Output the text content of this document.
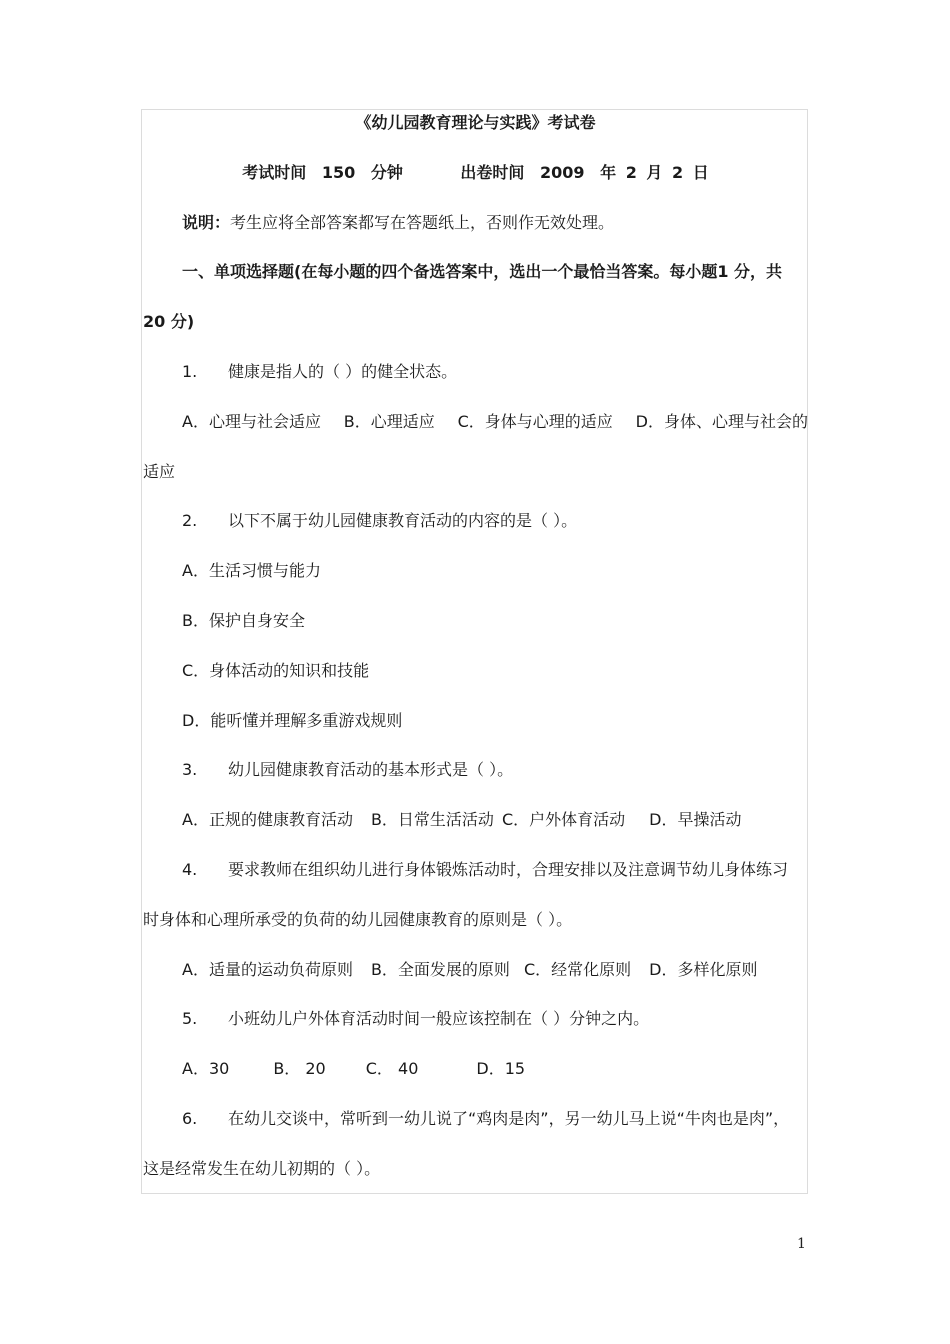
《幼儿园教育理论与实践》考试卷
考试时间 150 分钟	出卷时间 2009 年 2 月 2 日
说明：考生应将全部答案都写在答题纸上，否则作无效处理。
一、单项选择题(在每小题的四个备选答案中，选出一个最恰当答案。每小题1 分，共
20 分)
1. 健康是指人的（ ）的健全状态。
A．心理与社会适应 B．心理适应 C．身体与心理的适应 D．身体、心理与社会的
适应
2. 以下不属于幼儿园健康教育活动的内容的是（ ）。
A．生活习惯与能力
B．保护自身安全
C．身体活动的知识和技能
D．能听懂并理解多重游戏规则
3. 幼儿园健康教育活动的基本形式是（ ）。
A．正规的健康教育活动 B．日常生活活动 C．户外体育活动 D．早操活动
4. 要求教师在组织幼儿进行身体锻炼活动时，合理安排以及注意调节幼儿身体练习
时身体和心理所承受的负荷的幼儿园健康教育的原则是（ ）。
A．适量的运动负荷原则 B．全面发展的原则 C．经常化原则 D．多样化原则
5. 小班幼儿户外体育活动时间一般应该控制在（ ）分钟之内。
A．30	B． 20	C． 40	D．15
6. 在幼儿交谈中，常听到一幼儿说了“鸡肉是肉”，另一幼儿马上说“牛肉也是肉”，
这是经常发生在幼儿初期的（ ）。
1
